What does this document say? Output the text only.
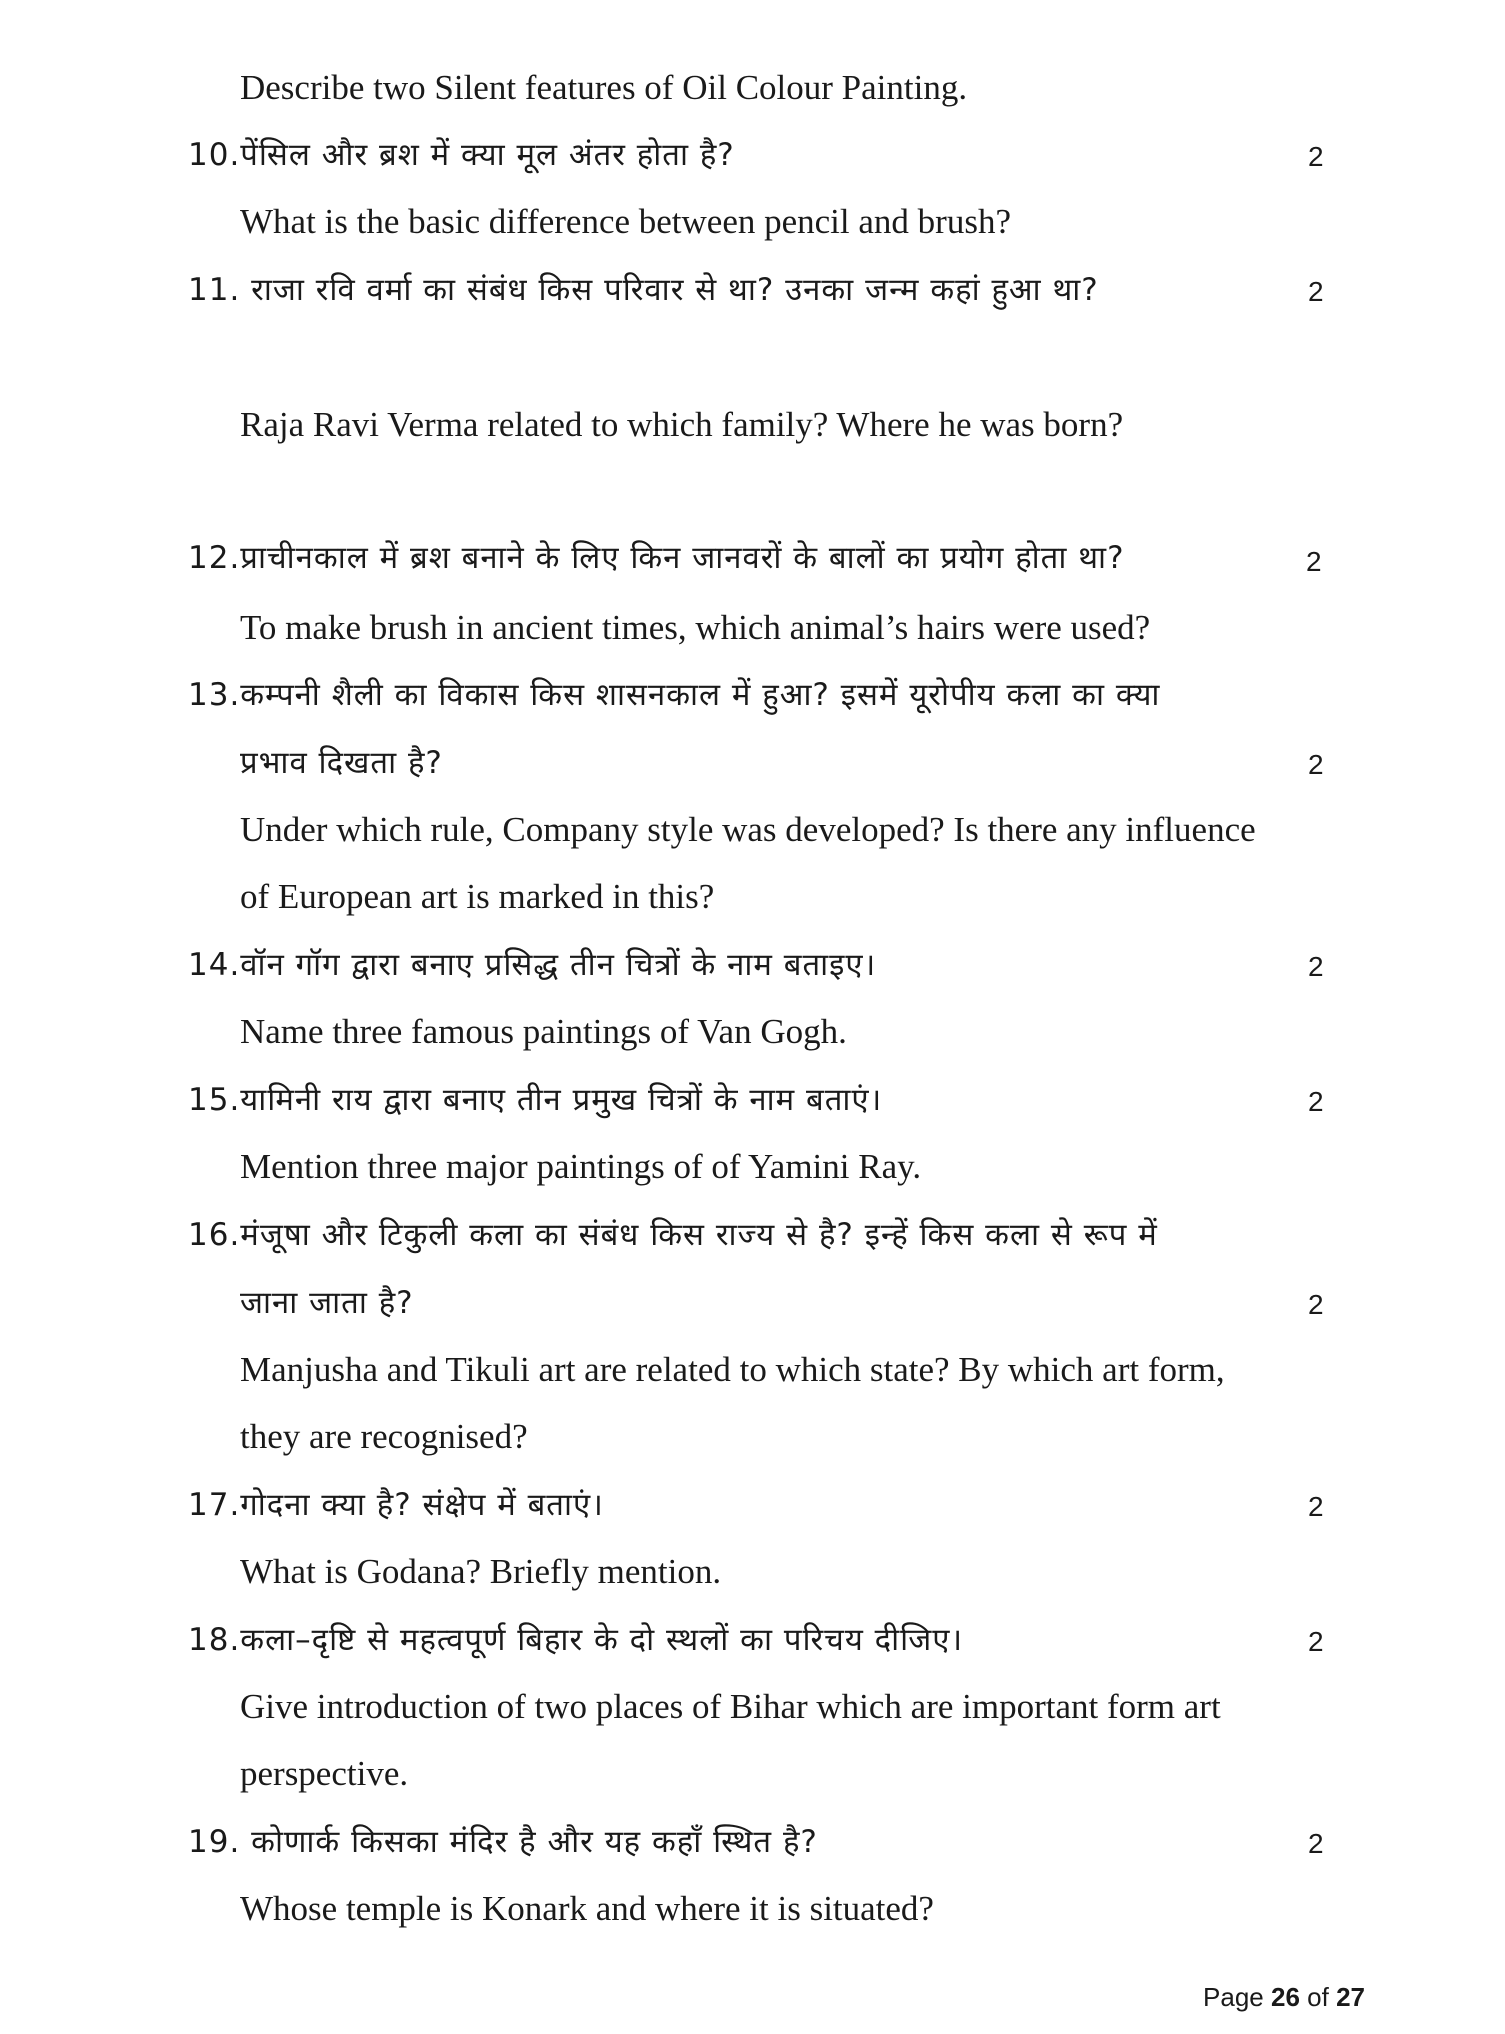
Describe two Silent features of Oil Colour Painting.
10.पेंसिल और ब्रश में क्या मूल अंतर होता है?	2
What is the basic difference between pencil and brush?
11. राजा रवि वर्मा का संबंध किस परिवार से था? उनका जन्म कहां हुआ था?	2
Raja Ravi Verma related to which family? Where he was born?
12.प्राचीनकाल में ब्रश बनाने के लिए किन जानवरों के बालों का प्रयोग होता था?	2
To make brush in ancient times, which animal’s hairs were used?
13.कम्पनी शैली का विकास किस शासनकाल में हुआ? इसमें यूरोपीय कला का क्या
प्रभाव दिखता है?	2
Under which rule, Company style was developed? Is there any influence
of European art is marked in this?
14.वॉन गॉग द्वारा बनाए प्रसिद्ध तीन चित्रों के नाम बताइए।	2
Name three famous paintings of Van Gogh.
15.यामिनी राय द्वारा बनाए तीन प्रमुख चित्रों के नाम बताएं।	2
Mention three major paintings of of Yamini Ray.
16.मंजूषा और टिकुली कला का संबंध किस राज्य से है? इन्हें किस कला से रूप में
जाना जाता है?	2
Manjusha and Tikuli art are related to which state? By which art form,
they are recognised?
17.गोदना क्या है? संक्षेप में बताएं।	2
What is Godana? Briefly mention.
18.कला–दृष्टि से महत्वपूर्ण बिहार के दो स्थलों का परिचय दीजिए।	2
Give introduction of two places of Bihar which are important form art
perspective.
19. कोणार्क किसका मंदिर है और यह कहाँ स्थित है?	2
Whose temple is Konark and where it is situated?
Page 26 of 27
